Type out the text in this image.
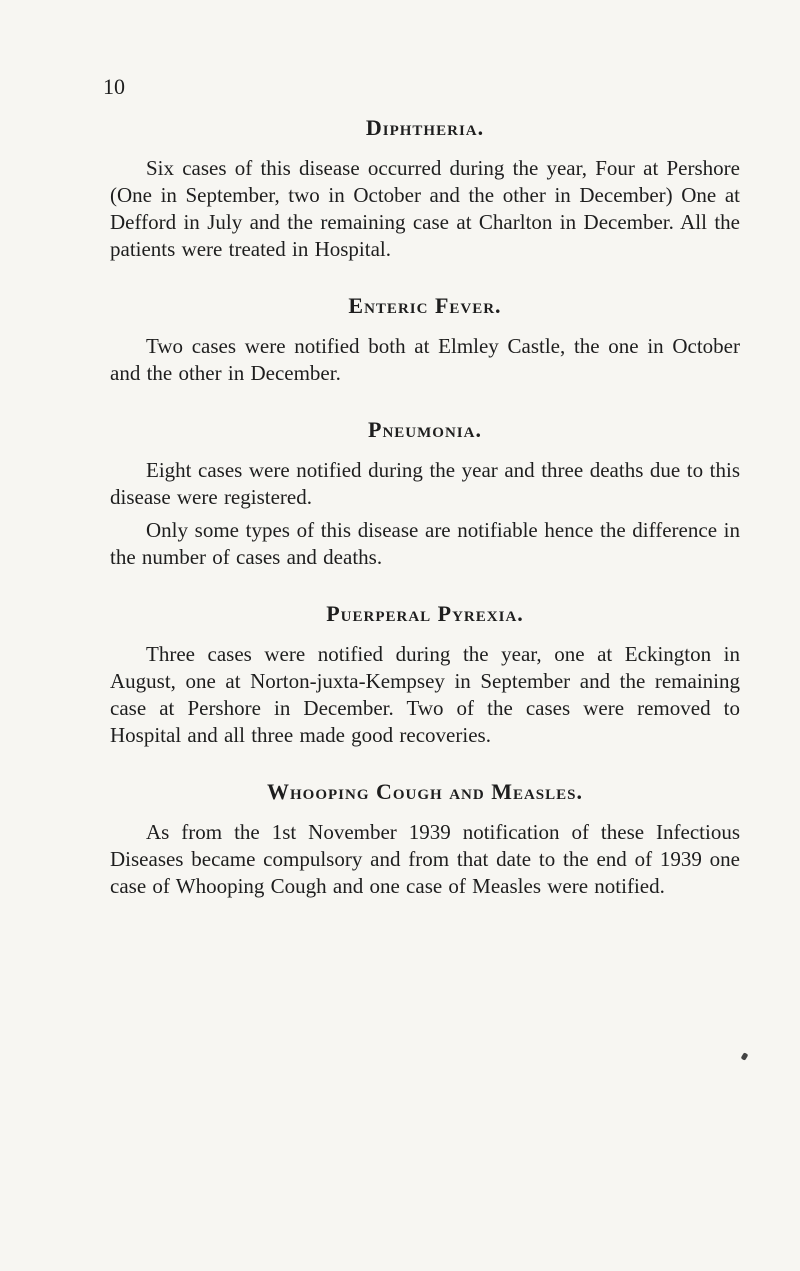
10
Diphtheria.

Six cases of this disease occurred during the year, Four at Pershore (One in September, two in October and the other in December) One at Defford in July and the remaining case at Charlton in December. All the patients were treated in Hospital.

Enteric Fever.

Two cases were notified both at Elmley Castle, the one in October and the other in December.

Pneumonia.

Eight cases were notified during the year and three deaths due to this disease were registered.

Only some types of this disease are notifiable hence the difference in the number of cases and deaths.

Puerperal Pyrexia.

Three cases were notified during the year, one at Eckington in August, one at Norton-juxta-Kempsey in September and the remaining case at Pershore in December. Two of the cases were removed to Hospital and all three made good recoveries.

Whooping Cough and Measles.

As from the 1st November 1939 notification of these Infectious Diseases became compulsory and from that date to the end of 1939 one case of Whooping Cough and one case of Measles were notified.
